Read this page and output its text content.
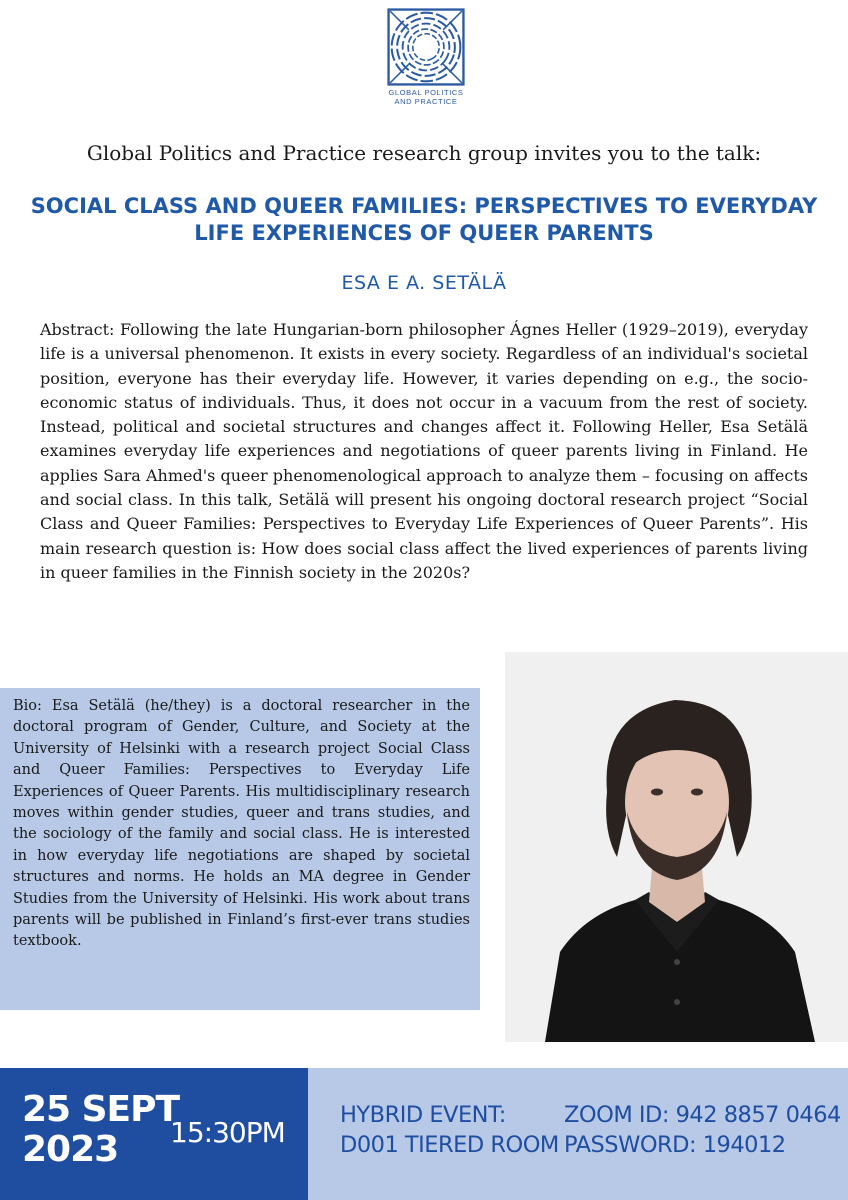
GLOBAL POLITICS
AND PRACTICE
Global Politics and Practice research group invites you to the talk:
SOCIAL CLASS AND QUEER FAMILIES: PERSPECTIVES TO EVERYDAY
LIFE EXPERIENCES OF QUEER PARENTS
ESA E A. SETÄLÄ

Abstract: Following the late Hungarian-born philosopher Ágnes Heller (1929–2019), everyday life is a universal phenomenon. It exists in every society. Regardless of an individual's societal position, everyone has their everyday life. However, it varies depending on e.g., the socio-economic status of individuals. Thus, it does not occur in a vacuum from the rest of society. Instead, political and societal structures and changes affect it. Following Heller, Esa Setälä examines everyday life experiences and negotiations of queer parents living in Finland. He applies Sara Ahmed's queer phenomenological approach to analyze them – focusing on affects and social class. In this talk, Setälä will present his ongoing doctoral research project “Social Class and Queer Families: Perspectives to Everyday Life Experiences of Queer Parents”. His main research question is: How does social class affect the lived experiences of parents living in queer families in the Finnish society in the 2020s?

Bio: Esa Setälä (he/they) is a doctoral researcher in the doctoral program of Gender, Culture, and Society at the University of Helsinki with a research project Social Class and Queer Families: Perspectives to Everyday Life Experiences of Queer Parents. His multidisciplinary research moves within gender studies, queer and trans studies, and the sociology of the family and social class. He is interested in how everyday life negotiations are shaped by societal structures and norms. He holds an MA degree in Gender Studies from the University of Helsinki. His work about trans parents will be published in Finland’s first-ever trans studies textbook.

25 SEPT
2023 15:30PM
HYBRID EVENT:
D001 TIERED ROOM
ZOOM ID: 942 8857 0464
PASSWORD: 194012
